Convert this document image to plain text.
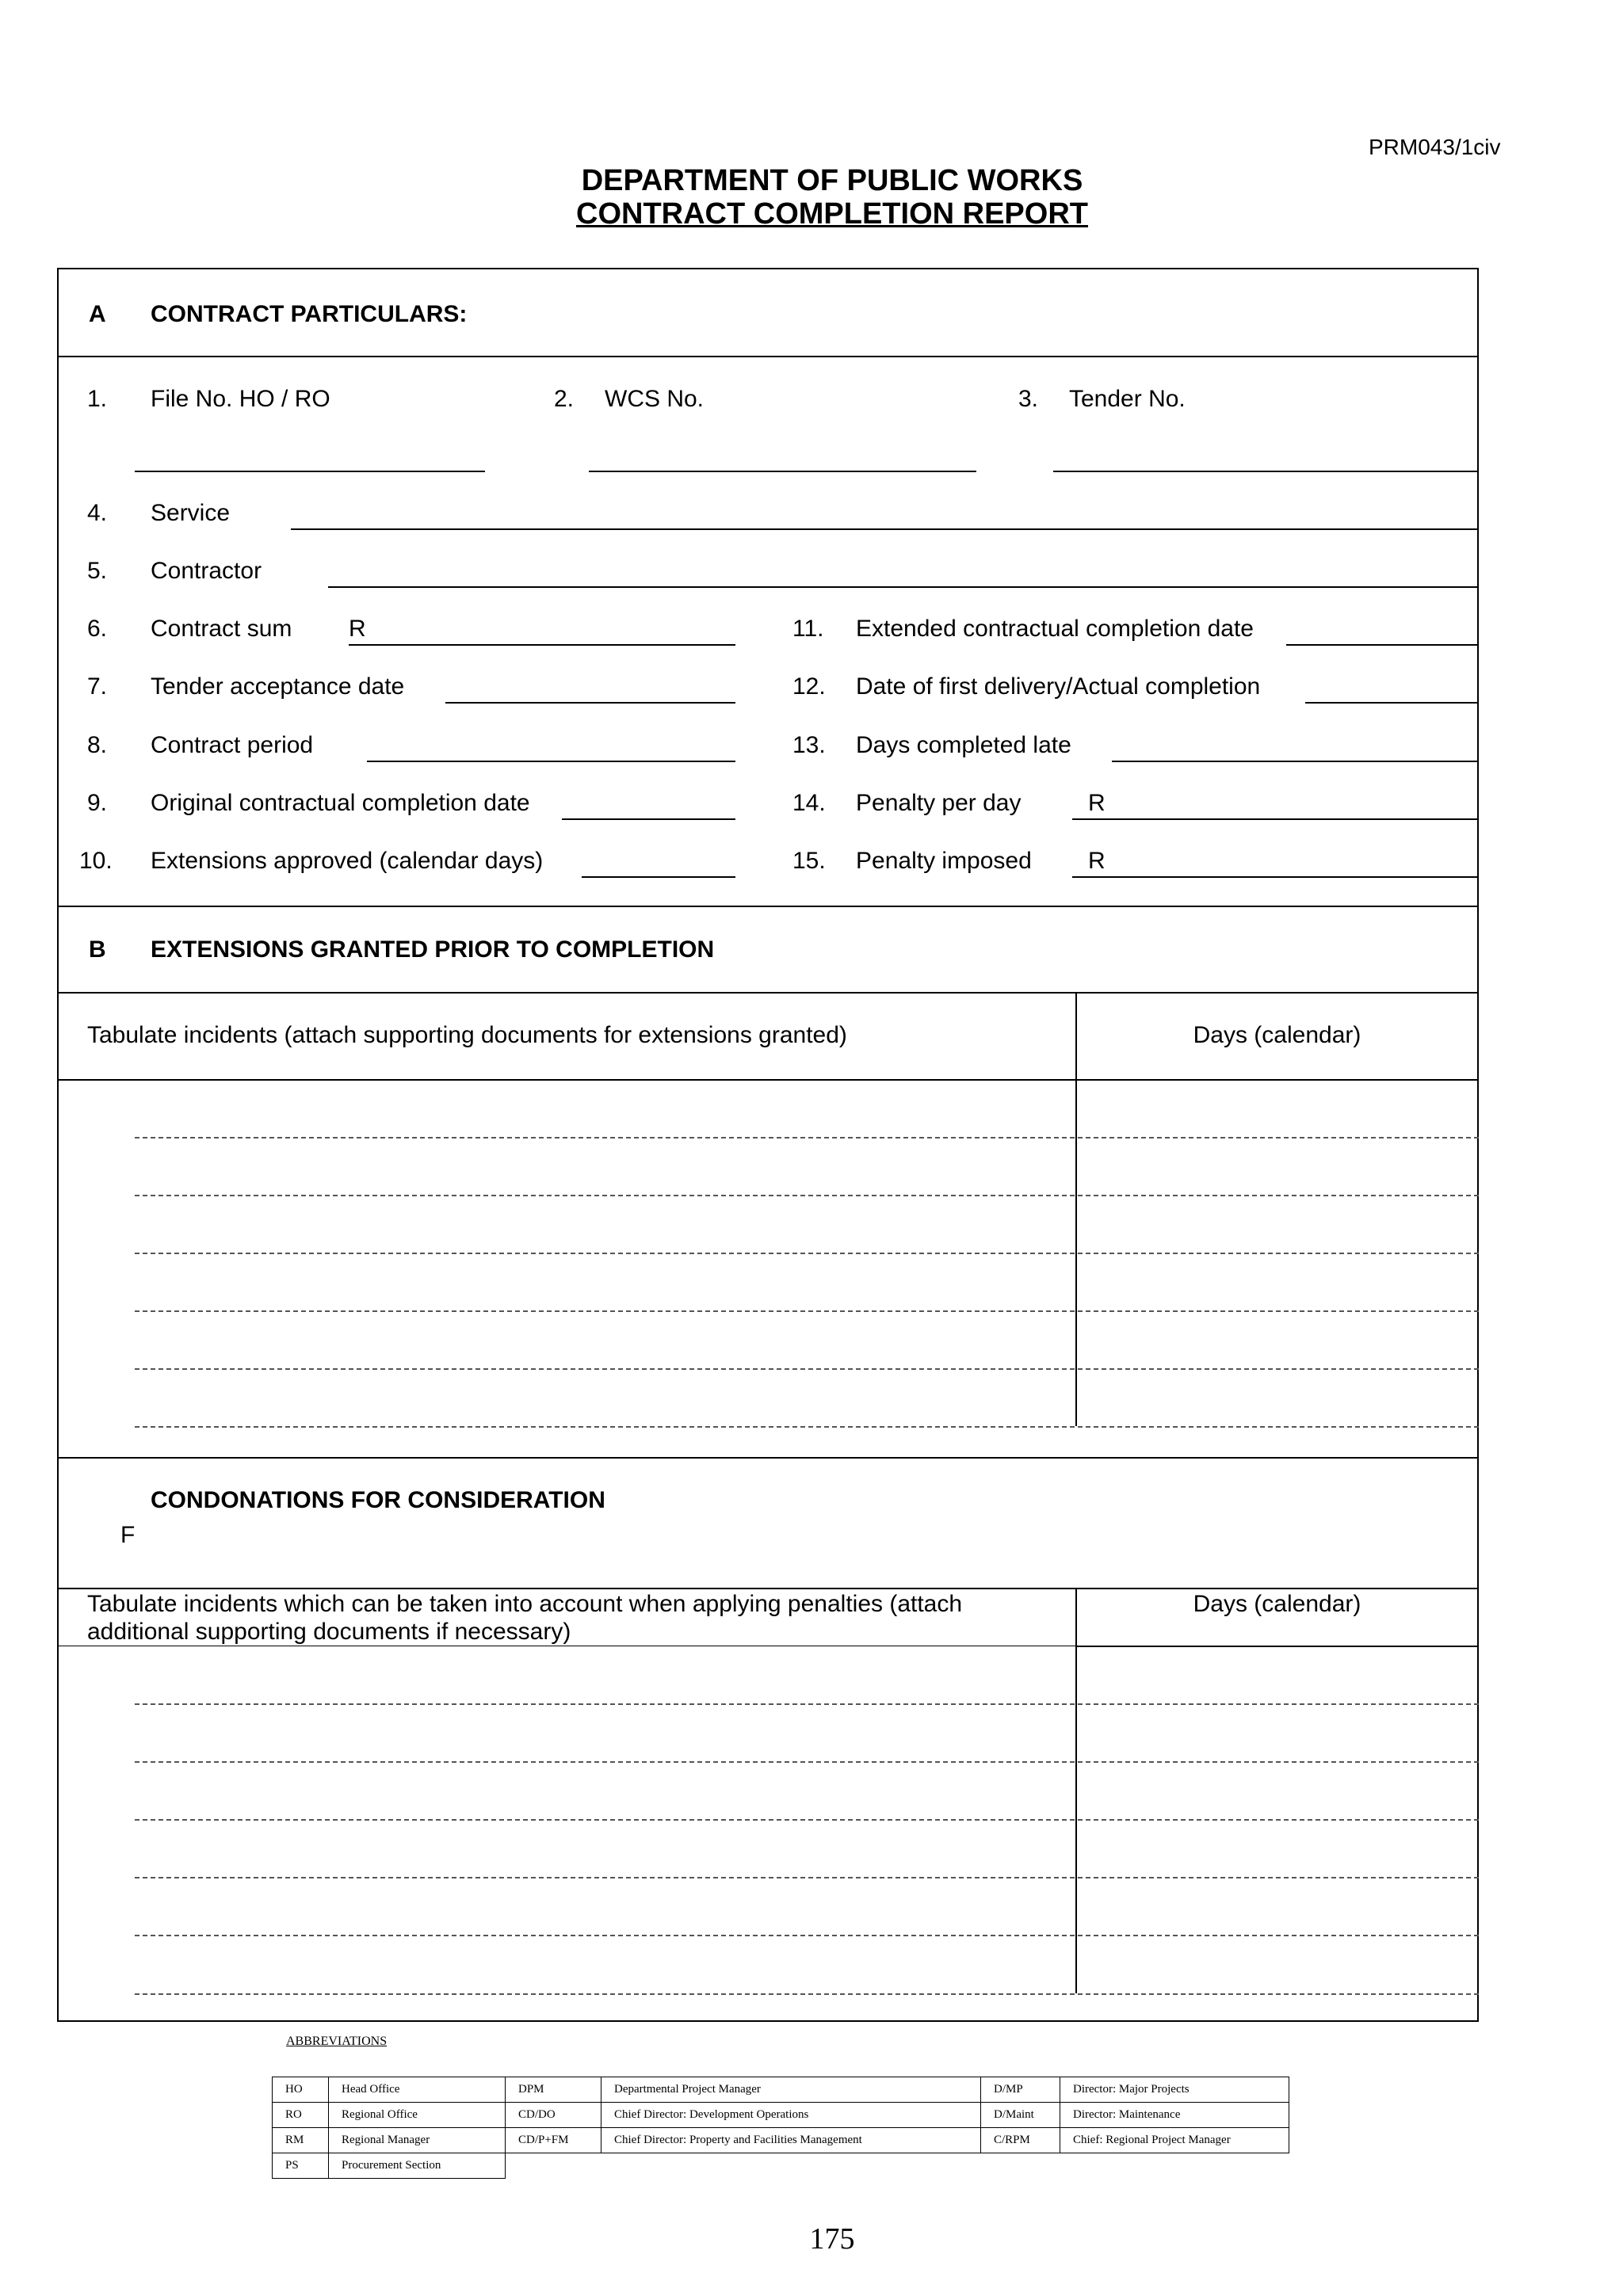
PRM043/1civ
DEPARTMENT OF PUBLIC WORKS
CONTRACT COMPLETION REPORT
A CONTRACT PARTICULARS:
1. File No. HO / RO	2. WCS No.	3. Tender No.
4. Service
5. Contractor
6. Contract sum R
7. Tender acceptance date
8. Contract period
9. Original contractual completion date
10. Extensions approved (calendar days)
11. Extended contractual completion date
12. Date of first delivery/Actual completion
13. Days completed late
14. Penalty per day	R
15. Penalty imposed R
B EXTENSIONS GRANTED PRIOR TO COMPLETION
Tabulate incidents (attach supporting documents for extensions granted)	Days (calendar)
CONDONATIONS FOR CONSIDERATION
F
Tabulate incidents which can be taken into account when applying penalties (attach
additional supporting documents if necessary)
Days (calendar)
ABBREVIATIONS
HO	Head Office	DPM	Departmental Project Manager	D/MP	Director: Major Projects
RO	Regional Office	CD/DO	Chief Director: Development Operations	D/Maint	Director: Maintenance
RM	Regional Manager	CD/P+FM	Chief Director: Property and Facilities Management	C/RPM	Chief: Regional Project Manager
PS	Procurement Section				
175
